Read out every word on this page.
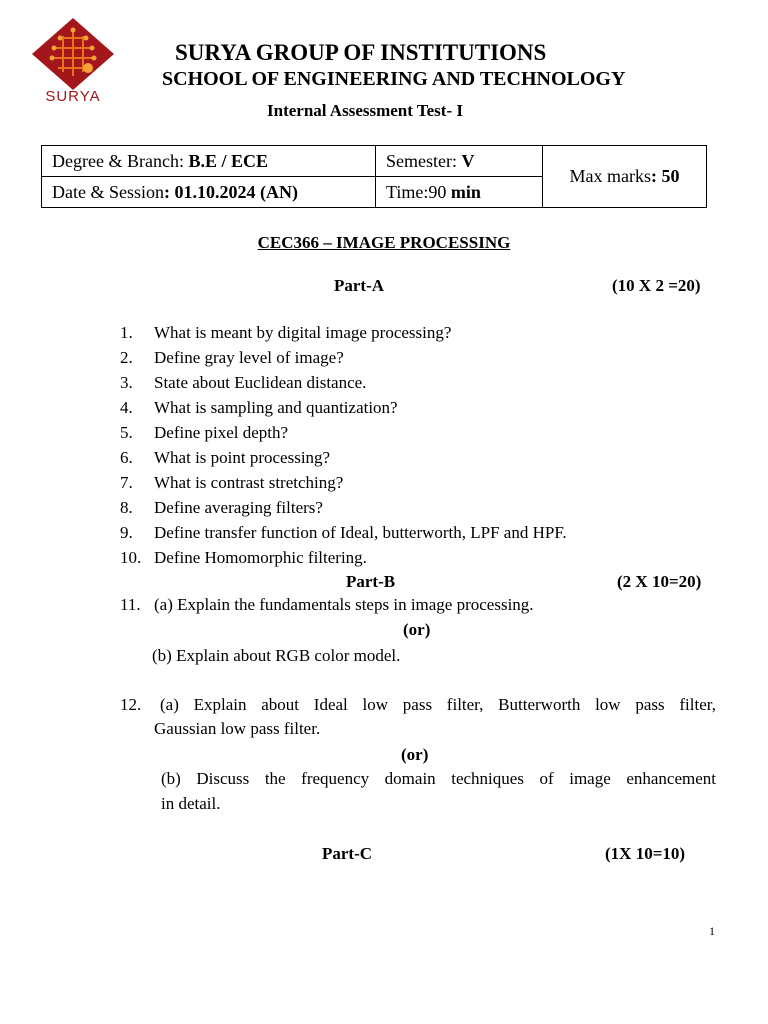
SURYA
SURYA GROUP OF INSTITUTIONS
SCHOOL OF ENGINEERING AND TECHNOLOGY
Internal Assessment Test- I
Degree & Branch: B.E / ECE	Semester: V	Max marks: 50
Date & Session: 01.10.2024 (AN)	Time:90 min	
CEC366 – IMAGE PROCESSING
Part-A	(10 X 2 =20)
1. What is meant by digital image processing?
2. Define gray level of image?
3. State about Euclidean distance.
4. What is sampling and quantization?
5. Define pixel depth?
6. What is point processing?
7. What is contrast stretching?
8. Define averaging filters?
9. Define transfer function of Ideal, butterworth, LPF and HPF.
10. Define Homomorphic filtering.
Part-B	(2 X 10=20)
11. (a) Explain the fundamentals steps in image processing.
(or)
(b) Explain about RGB color model.
12. (a) Explain about Ideal low pass filter, Butterworth low pass filter,
Gaussian low pass filter.
(or)
(b) Discuss the frequency domain techniques of image enhancement
in detail.
Part-C	(1X 10=10)
1
